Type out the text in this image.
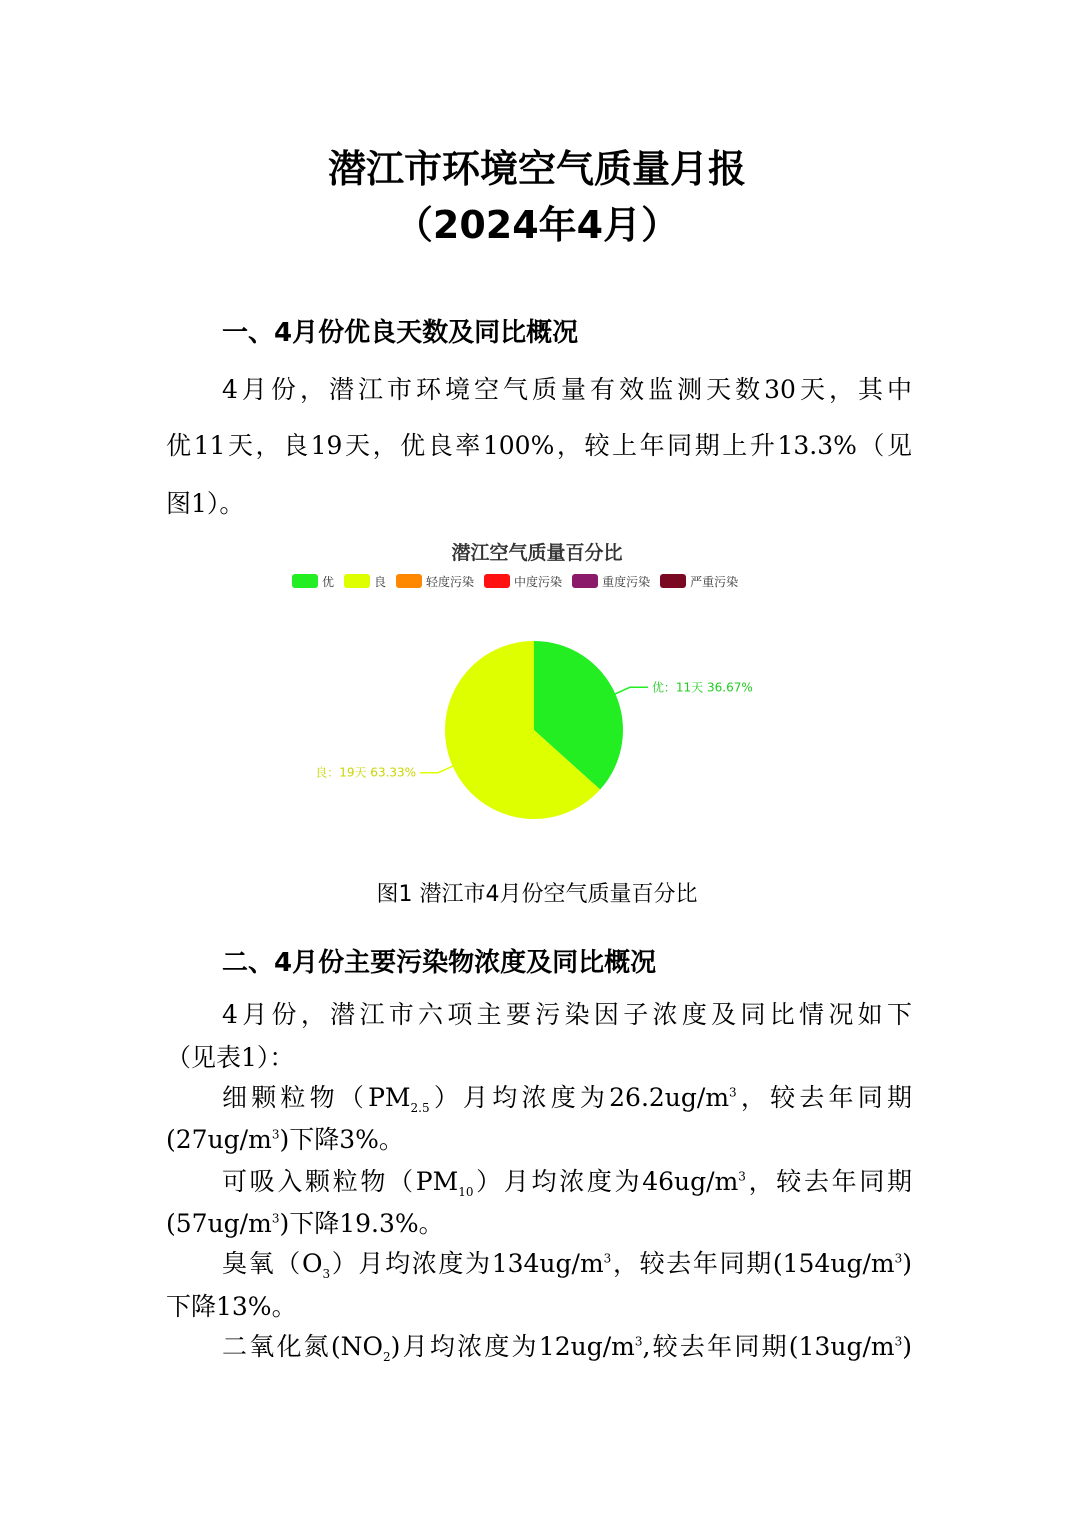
潜江市环境空气质量月报
（2024年4月）
一、4月份优良天数及同比概况
4月份，潜江市环境空气质量有效监测天数30天，其中
优11天，良19天，优良率100%，较上年同期上升13.3%（见
图1）。
潜江空气质量百分比
优	良	轻度污染	中度污染	重度污染	严重污染
优：11天 36.67%
良：19天 63.33%
图1 潜江市4月份空气质量百分比
二、4月份主要污染物浓度及同比概况
4月份，潜江市六项主要污染因子浓度及同比情况如下
（见表1）：
细颗粒物$(PM_{2.5})$月均浓度为$26.2ug/m^3$，较去年同期
$(27ug/m^3)$下降3%。
可吸入颗粒物$(PM_{10})$月均浓度为$46ug/m^3$，较去年同期
$(57ug/m^3)$下降19.3%。
臭氧$(O_3)$月均浓度为$134ug/m^3$，较去年同期$(154ug/m^3)$
下降13%。
二氧化氮$(NO_2)$月均浓度为$12ug/m^3$,较去年同期$(13ug/m^3)$
